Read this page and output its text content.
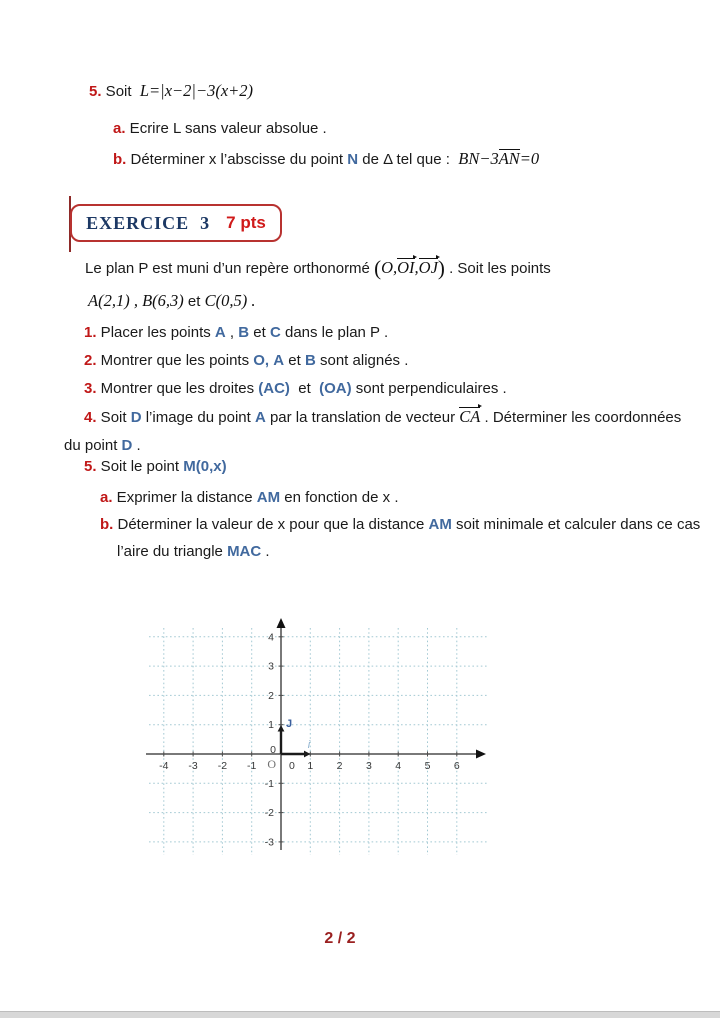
5. Soit  L=|x−2|−3(x+2)
a. Ecrire L sans valeur absolue .
b. Déterminer x l’abscisse du point N de Δ tel que :  BN−3AN=0
EXERCICE  3 7 pts
Le plan P est muni d’un repère orthonormé (O,OI,OJ) . Soit les points
A(2,1) , B(6,3) et C(0,5) .
1. Placer les points A , B et C dans le plan P .
2. Montrer que les points O, A et B sont alignés .
3. Montrer que les droites (AC)  et  (OA) sont perpendiculaires .
4. Soit D l’image du point A par la translation de vecteur CA . Déterminer les coordonnées
du point D .
5. Soit le point M(0,x)
a. Exprimer la distance AM en fonction de x .
b. Déterminer la valeur de x pour que la distance AM soit minimale et calculer dans ce cas
l’aire du triangle MAC .
-4 -3 -2 -1	1 2 3 4 5 6
-3
-2
-1
1
2
3
4
O 0
0	i
J
2 / 2
